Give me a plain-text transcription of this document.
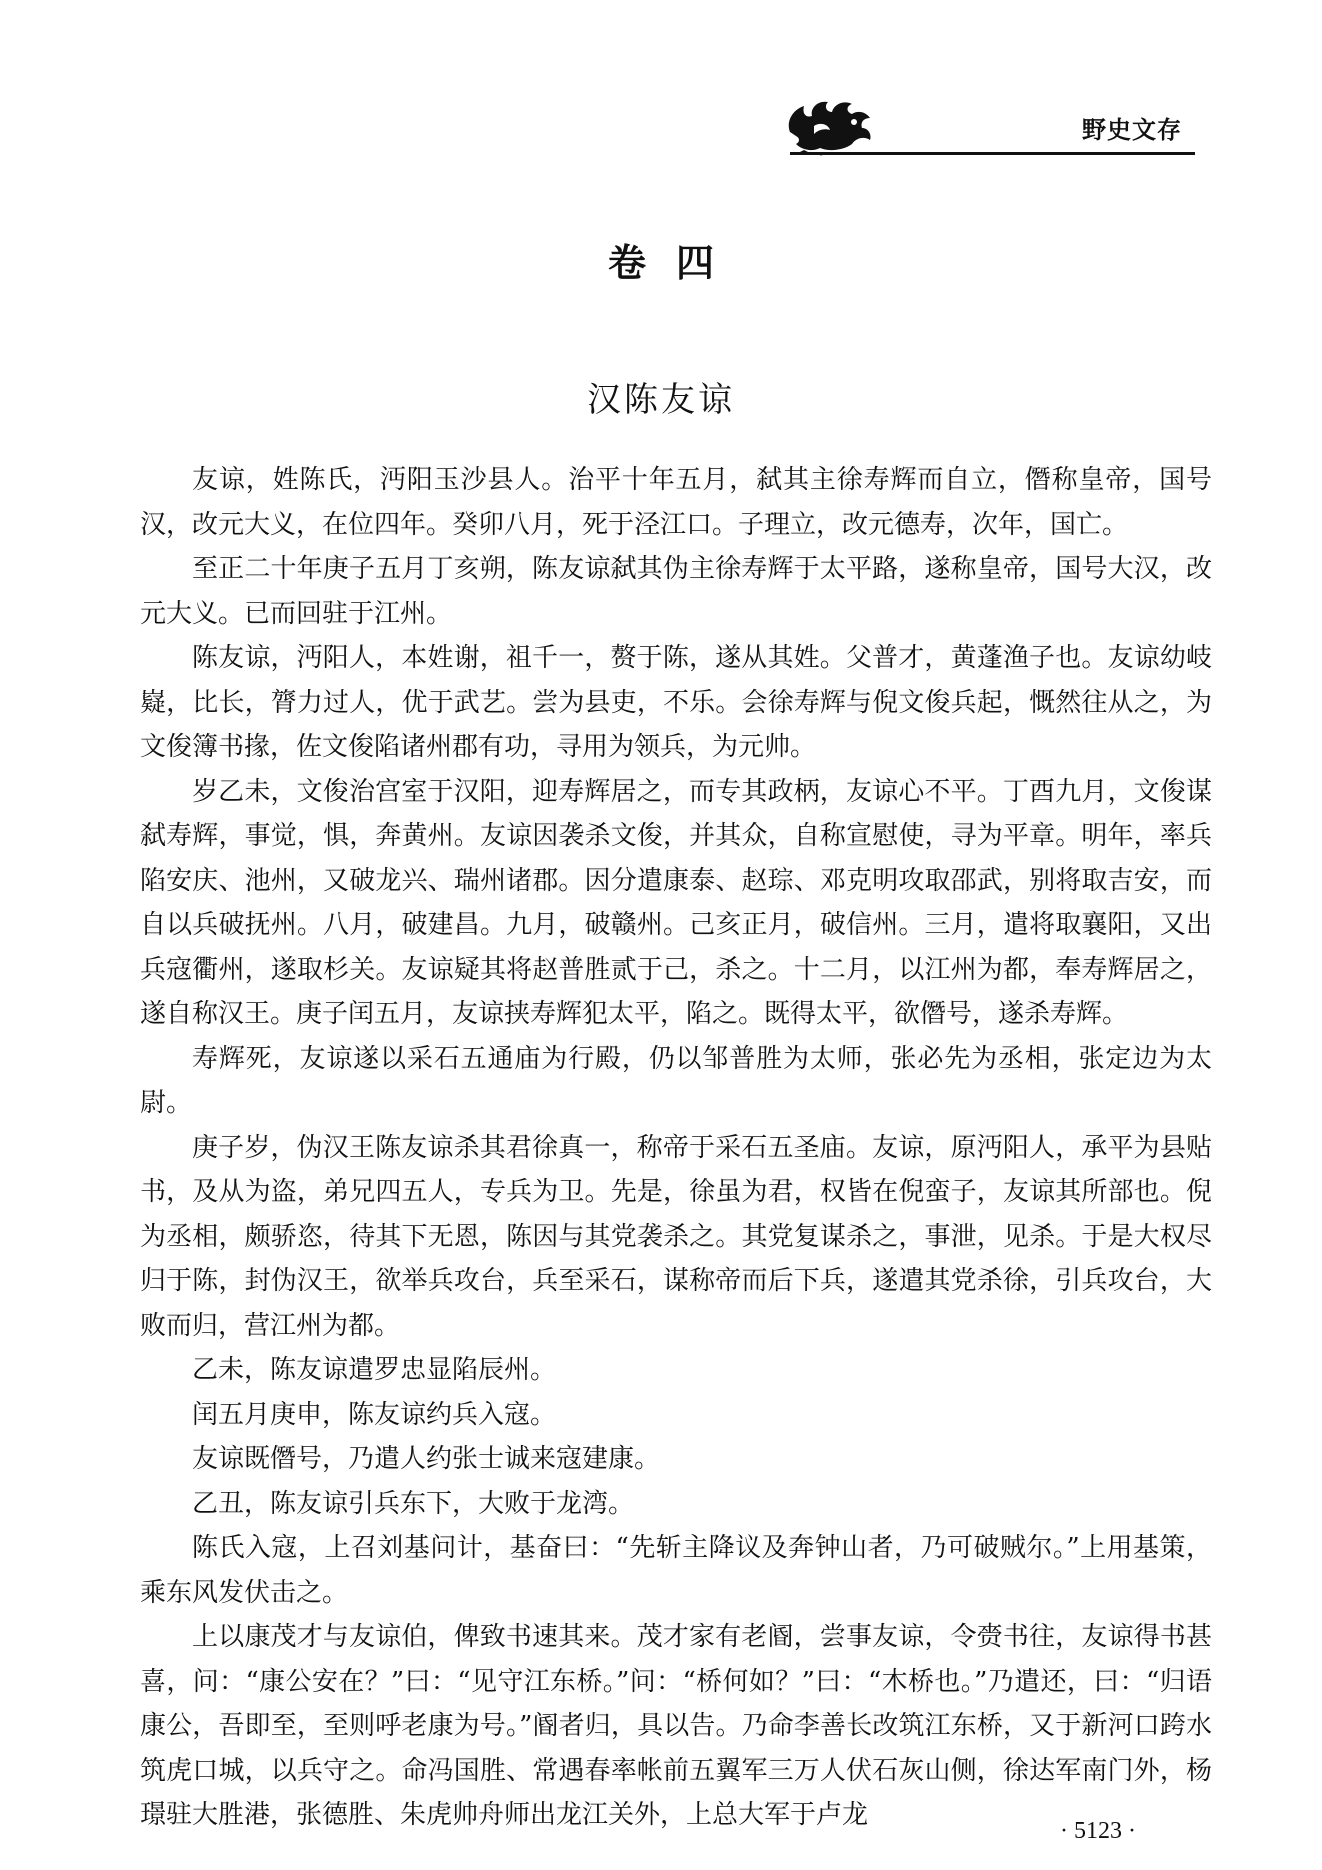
野史文存
卷四
汉陈友谅

友谅，姓陈氏，沔阳玉沙县人。治平十年五月，弑其主徐寿辉而自立，僭称皇帝，国号汉，改元大义，在位四年。癸卯八月，死于泾江口。子理立，改元德寿，次年，国亡。

至正二十年庚子五月丁亥朔，陈友谅弑其伪主徐寿辉于太平路，遂称皇帝，国号大汉，改元大义。已而回驻于江州。

陈友谅，沔阳人，本姓谢，祖千一，赘于陈，遂从其姓。父普才，黄蓬渔子也。友谅幼岐嶷，比长，膂力过人，优于武艺。尝为县吏，不乐。会徐寿辉与倪文俊兵起，慨然往从之，为文俊簿书掾，佐文俊陷诸州郡有功，寻用为领兵，为元帅。

岁乙未，文俊治宫室于汉阳，迎寿辉居之，而专其政柄，友谅心不平。丁酉九月，文俊谋弑寿辉，事觉，惧，奔黄州。友谅因袭杀文俊，并其众，自称宣慰使，寻为平章。明年，率兵陷安庆、池州，又破龙兴、瑞州诸郡。因分遣康泰、赵琮、邓克明攻取邵武，别将取吉安，而自以兵破抚州。八月，破建昌。九月，破赣州。己亥正月，破信州。三月，遣将取襄阳，又出兵寇衢州，遂取杉关。友谅疑其将赵普胜贰于己，杀之。十二月，以江州为都，奉寿辉居之，遂自称汉王。庚子闰五月，友谅挟寿辉犯太平，陷之。既得太平，欲僭号，遂杀寿辉。

寿辉死，友谅遂以采石五通庙为行殿，仍以邹普胜为太师，张必先为丞相，张定边为太尉。

庚子岁，伪汉王陈友谅杀其君徐真一，称帝于采石五圣庙。友谅，原沔阳人，承平为县贴书，及从为盗，弟兄四五人，专兵为卫。先是，徐虽为君，权皆在倪蛮子，友谅其所部也。倪为丞相，颇骄恣，待其下无恩，陈因与其党袭杀之。其党复谋杀之，事泄，见杀。于是大权尽归于陈，封伪汉王，欲举兵攻台，兵至采石，谋称帝而后下兵，遂遣其党杀徐，引兵攻台，大败而归，营江州为都。

乙未，陈友谅遣罗忠显陷辰州。

闰五月庚申，陈友谅约兵入寇。

友谅既僭号，乃遣人约张士诚来寇建康。

乙丑，陈友谅引兵东下，大败于龙湾。

陈氏入寇，上召刘基问计，基奋曰：“先斩主降议及奔钟山者，乃可破贼尔。”上用基策，乘东风发伏击之。

上以康茂才与友谅伯，俾致书速其来。茂才家有老阍，尝事友谅，令赍书往，友谅得书甚喜，问：“康公安在？”曰：“见守江东桥。”问：“桥何如？”曰：“木桥也。”乃遣还，曰：“归语康公，吾即至，至则呼老康为号。”阍者归，具以告。乃命李善长改筑江东桥，又于新河口跨水筑虎口城，以兵守之。命冯国胜、常遇春率帐前五翼军三万人伏石灰山侧，徐达军南门外，杨璟驻大胜港，张德胜、朱虎帅舟师出龙江关外，上总大军于卢龙

· 5123 ·
